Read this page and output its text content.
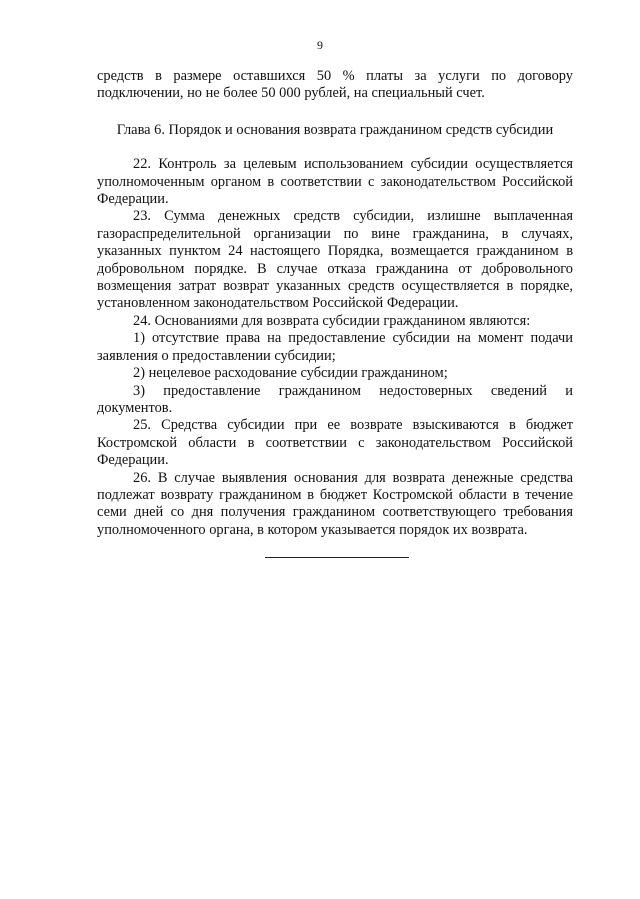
9

средств в размере оставшихся 50 % платы за услуги по договору подключении, но не более 50 000 рублей, на специальный счет.

Глава 6. Порядок и основания возврата гражданином средств субсидии

22. Контроль за целевым использованием субсидии осуществляется уполномоченным органом в соответствии с законодательством Российской Федерации.

23. Сумма денежных средств субсидии, излишне выплаченная газораспределительной организации по вине гражданина, в случаях, указанных пунктом 24 настоящего Порядка, возмещается гражданином в добровольном порядке. В случае отказа гражданина от добровольного возмещения затрат возврат указанных средств осуществляется в порядке, установленном законодательством Российской Федерации.

24. Основаниями для возврата субсидии гражданином являются:

1) отсутствие права на предоставление субсидии на момент подачи заявления о предоставлении субсидии;

2) нецелевое расходование субсидии гражданином;

3) предоставление гражданином недостоверных сведений и документов.

25. Средства субсидии при ее возврате взыскиваются в бюджет Костромской области в соответствии с законодательством Российской Федерации.

26. В случае выявления основания для возврата денежные средства подлежат возврату гражданином в бюджет Костромской области в течение семи дней со дня получения гражданином соответствующего требования уполномоченного органа, в котором указывается порядок их возврата.
